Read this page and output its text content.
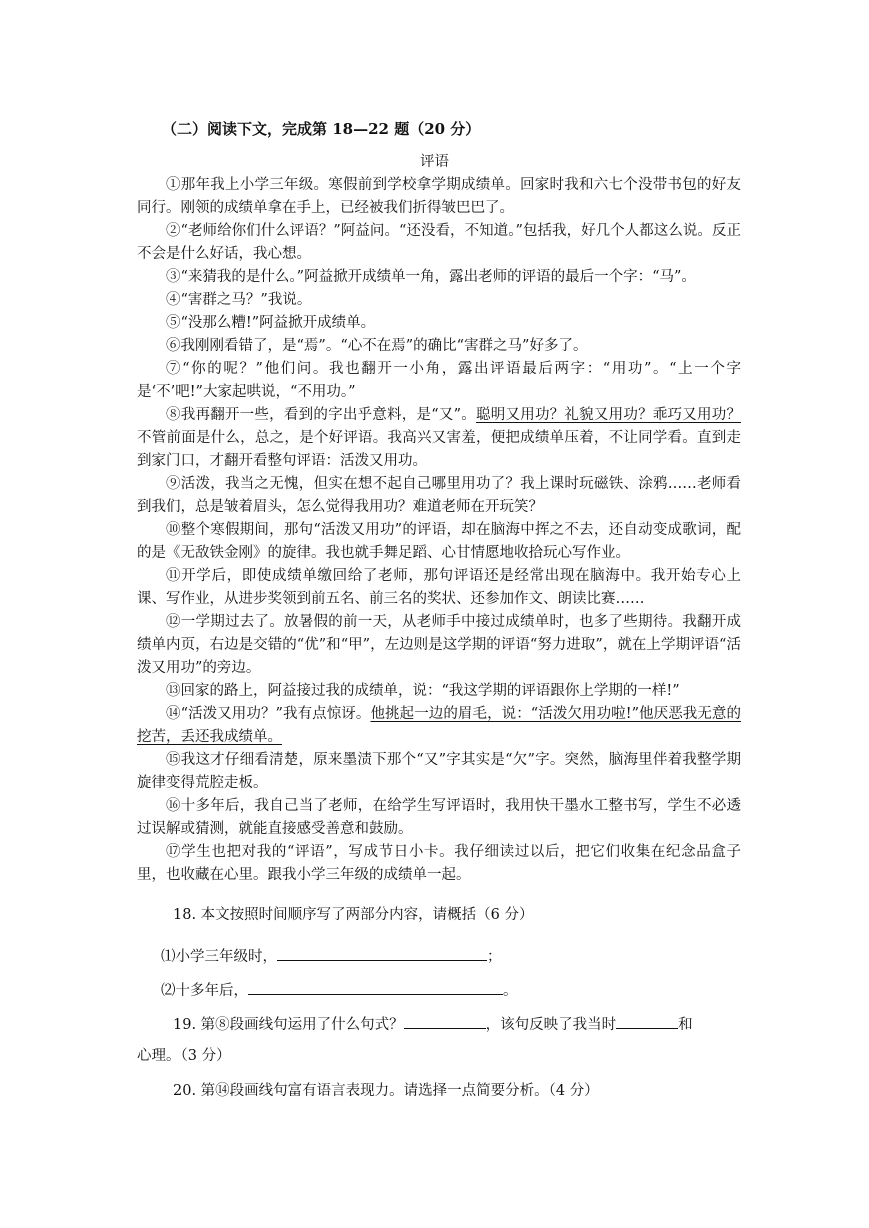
（二）阅读下文，完成第 18—22 题（20 分）
评语

①那年我上小学三年级。寒假前到学校拿学期成绩单。回家时我和六七个没带书包的好友同行。刚领的成绩单拿在手上，已经被我们折得皱巴巴了。

②“老师给你们什么评语？”阿益问。“还没看，不知道。”包括我，好几个人都这么说。反正不会是什么好话，我心想。

③“来猜我的是什么。”阿益掀开成绩单一角，露出老师的评语的最后一个字：“马”。

④“害群之马？”我说。

⑤“没那么糟!”阿益掀开成绩单。

⑥我刚刚看错了，是“焉”。“心不在焉”的确比“害群之马”好多了。

⑦“你的呢？”他们问。我也翻开一小角，露出评语最后两字：“用功”。“上一个字是‘不’吧!”大家起哄说，“不用功。”

⑧我再翻开一些，看到的字出乎意料，是“又”。聪明又用功？礼貌又用功？乖巧又用功？不管前面是什么，总之，是个好评语。我高兴又害羞，便把成绩单压着，不让同学看。直到走到家门口，才翻开看整句评语：活泼又用功。

⑨活泼，我当之无愧，但实在想不起自己哪里用功了？我上课时玩磁铁、涂鸦……老师看到我们，总是皱着眉头，怎么觉得我用功？难道老师在开玩笑？

⑩整个寒假期间，那句“活泼又用功”的评语，却在脑海中挥之不去，还自动变成歌词，配的是《无敌铁金刚》的旋律。我也就手舞足蹈、心甘情愿地收拾玩心写作业。

⑪开学后，即使成绩单缴回给了老师，那句评语还是经常出现在脑海中。我开始专心上课、写作业，从进步奖领到前五名、前三名的奖状、还参加作文、朗读比赛……

⑫一学期过去了。放暑假的前一天，从老师手中接过成绩单时，也多了些期待。我翻开成绩单内页，右边是交错的“优”和“甲”，左边则是这学期的评语“努力进取”，就在上学期评语“活泼又用功”的旁边。

⑬回家的路上，阿益接过我的成绩单，说：“我这学期的评语跟你上学期的一样!”

⑭“活泼又用功？”我有点惊讶。他挑起一边的眉毛，说：“活泼欠用功啦!”他厌恶我无意的挖苦，丢还我成绩单。

⑮我这才仔细看清楚，原来墨渍下那个“又”字其实是“欠”字。突然，脑海里伴着我整学期旋律变得荒腔走板。

⑯十多年后，我自己当了老师，在给学生写评语时，我用快干墨水工整书写，学生不必透过误解或猜测，就能直接感受善意和鼓励。

⑰学生也把对我的“评语”，写成节日小卡。我仔细读过以后，把它们收集在纪念品盒子里，也收藏在心里。跟我小学三年级的成绩单一起。

18. 本文按照时间顺序写了两部分内容，请概括（6 分）
⑴小学三年级时，	；
⑵十多年后，	。
19. 第⑧段画线句运用了什么句式？	，该句反映了我当时	和
心理。（3 分）
20. 第⑭段画线句富有语言表现力。请选择一点简要分析。（4 分）
